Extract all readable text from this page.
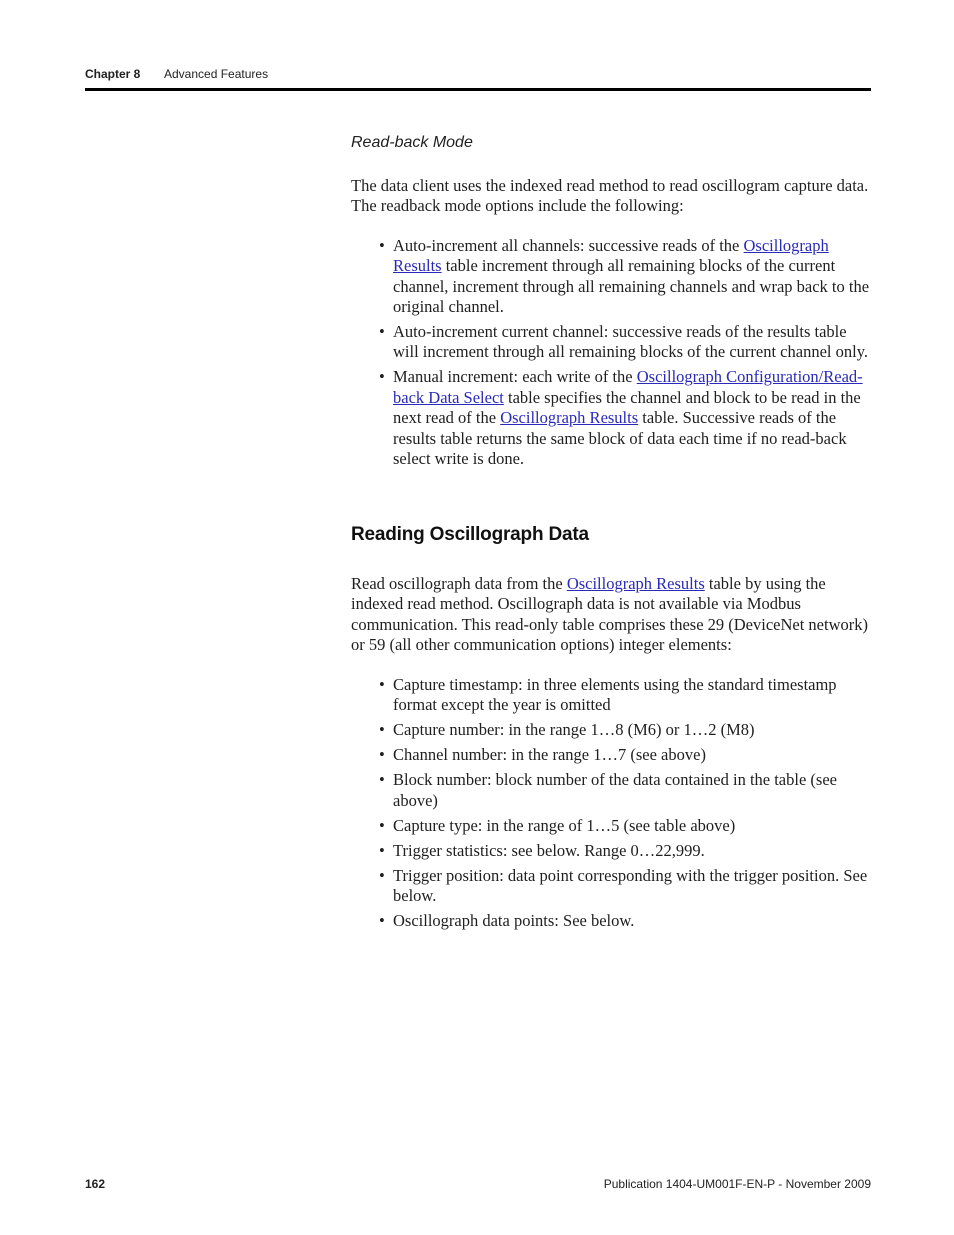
Chapter 8 Advanced Features
Read-back Mode

The data client uses the indexed read method to read oscillogram capture data. The readback mode options include the following:

• Auto-increment all channels: successive reads of the Oscillograph Results table increment through all remaining blocks of the current channel, increment through all remaining channels and wrap back to the original channel.
• Auto-increment current channel: successive reads of the results table will increment through all remaining blocks of the current channel only.
• Manual increment: each write of the Oscillograph Configuration/Read-back Data Select table specifies the channel and block to be read in the next read of the Oscillograph Results table. Successive reads of the results table returns the same block of data each time if no read-back select write is done.
Reading Oscillograph Data

Read oscillograph data from the Oscillograph Results table by using the indexed read method. Oscillograph data is not available via Modbus communication. This read-only table comprises these 29 (DeviceNet network) or 59 (all other communication options) integer elements:

• Capture timestamp: in three elements using the standard timestamp format except the year is omitted
• Capture number: in the range 1…8 (M6) or 1…2 (M8)
• Channel number: in the range 1…7 (see above)
• Block number: block number of the data contained in the table (see above)
• Capture type: in the range of 1…5 (see table above)
• Trigger statistics: see below. Range 0…22,999.
• Trigger position: data point corresponding with the trigger position. See below.
• Oscillograph data points: See below.
162	Publication 1404-UM001F-EN-P - November 2009
